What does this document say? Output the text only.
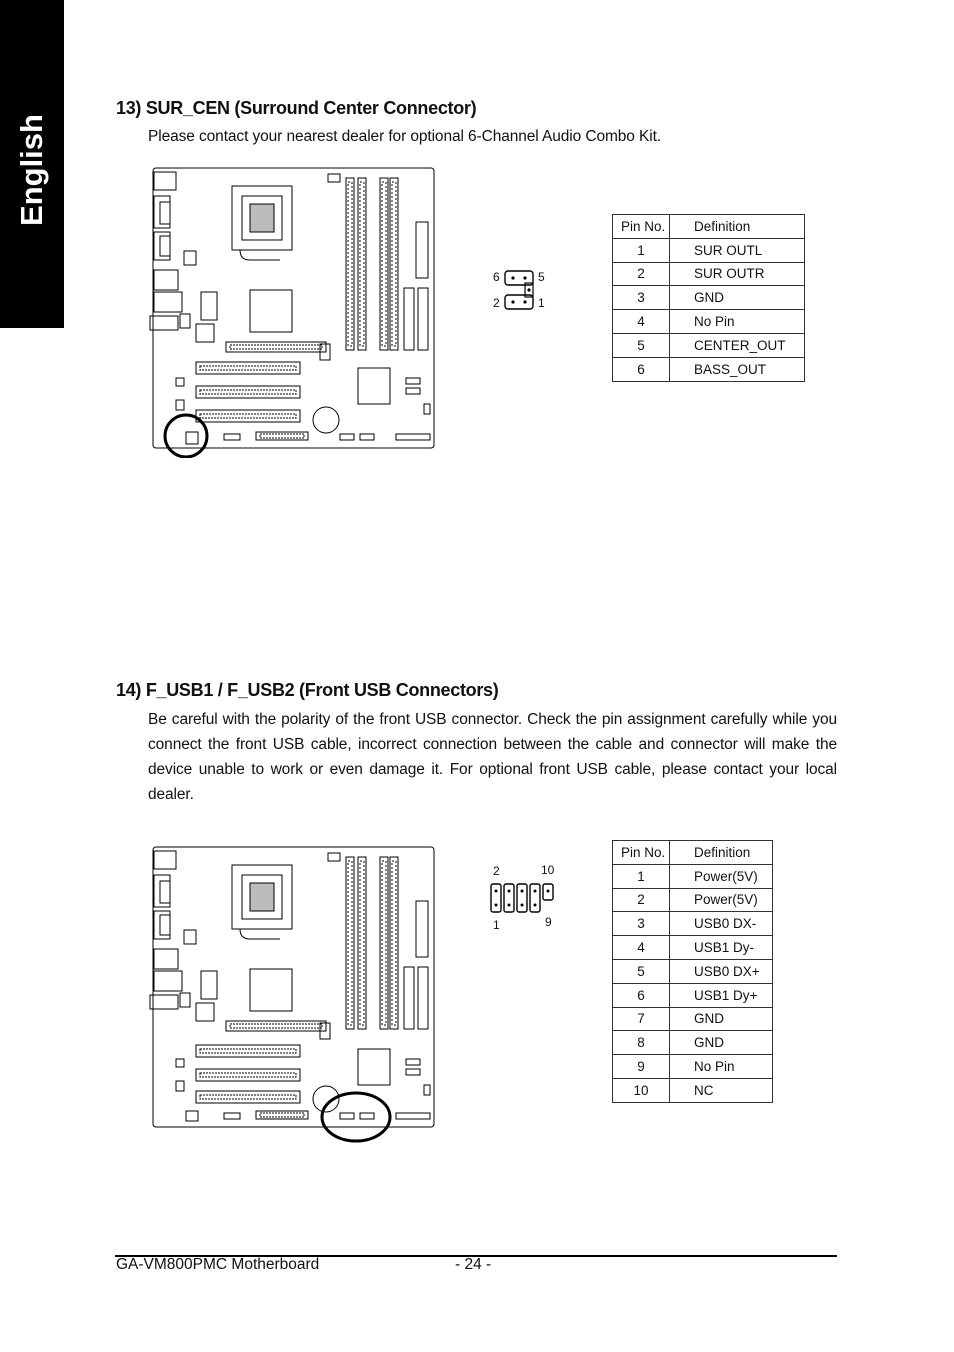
English
13) SUR_CEN (Surround Center Connector)
Please contact your nearest dealer for optional 6-Channel Audio Combo Kit.
6	5
2	1
Pin No.	Definition
1	SUR OUTL
2	SUR OUTR
3	GND
4	No Pin
5	CENTER_OUT
6	BASS_OUT
14) F_USB1 / F_USB2 (Front USB Connectors)
Be careful with the polarity of the front USB connector. Check the pin assignment carefully while you connect the front USB cable, incorrect connection between the cable and connector will make the device unable to work or even damage it. For optional front USB cable, please contact your local dealer.
2	10
1	9
Pin No.	Definition
1	Power(5V)
2	Power(5V)
3	USB0 DX-
4	USB1 Dy-
5	USB0 DX+
6	USB1 Dy+
7	GND
8	GND
9	No Pin
10	NC
GA-VM800PMC Motherboard	- 24 -
